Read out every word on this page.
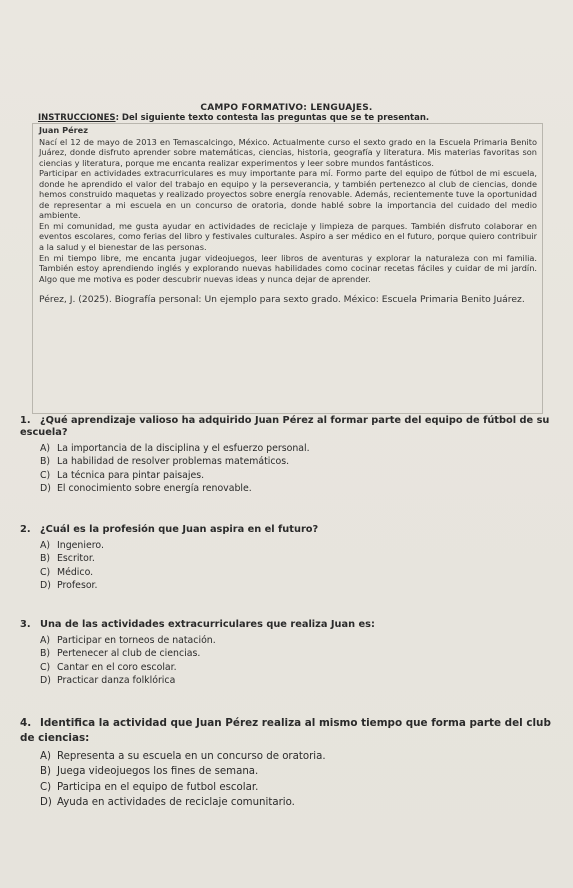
CAMPO FORMATIVO: LENGUAJES.
INSTRUCCIONES: Del siguiente texto contesta las preguntas que se te presentan.
Juan Pérez

Nací el 12 de mayo de 2013 en Temascalcingo, México. Actualmente curso el sexto grado en la Escuela Primaria Benito Juárez, donde disfruto aprender sobre matemáticas, ciencias, historia, geografía y literatura. Mis materias favoritas son ciencias y literatura, porque me encanta realizar experimentos y leer sobre mundos fantásticos.

Participar en actividades extracurriculares es muy importante para mí. Formo parte del equipo de fútbol de mi escuela, donde he aprendido el valor del trabajo en equipo y la perseverancia, y también pertenezco al club de ciencias, donde hemos construido maquetas y realizado proyectos sobre energía renovable. Además, recientemente tuve la oportunidad de representar a mi escuela en un concurso de oratoria, donde hablé sobre la importancia del cuidado del medio ambiente.

En mi comunidad, me gusta ayudar en actividades de reciclaje y limpieza de parques. También disfruto colaborar en eventos escolares, como ferias del libro y festivales culturales. Aspiro a ser médico en el futuro, porque quiero contribuir a la salud y el bienestar de las personas.

En mi tiempo libre, me encanta jugar videojuegos, leer libros de aventuras y explorar la naturaleza con mi familia. También estoy aprendiendo inglés y explorando nuevas habilidades como cocinar recetas fáciles y cuidar de mi jardín. Algo que me motiva es poder descubrir nuevas ideas y nunca dejar de aprender.

Pérez, J. (2025). Biografía personal: Un ejemplo para sexto grado. México: Escuela Primaria Benito Juárez.

1. ¿Qué aprendizaje valioso ha adquirido Juan Pérez al formar parte del equipo de fútbol de su escuela?
A) La importancia de la disciplina y el esfuerzo personal.
B) La habilidad de resolver problemas matemáticos.
C) La técnica para pintar paisajes.
D) El conocimiento sobre energía renovable.
2. ¿Cuál es la profesión que Juan aspira en el futuro?
A) Ingeniero.
B) Escritor.
C) Médico.
D) Profesor.
3. Una de las actividades extracurriculares que realiza Juan es:
A) Participar en torneos de natación.
B) Pertenecer al club de ciencias.
C) Cantar en el coro escolar.
D) Practicar danza folklórica
4. Identifica la actividad que Juan Pérez realiza al mismo tiempo que forma parte del club de ciencias:
A) Representa a su escuela en un concurso de oratoria.
B) Juega videojuegos los fines de semana.
C) Participa en el equipo de futbol escolar.
D) Ayuda en actividades de reciclaje comunitario.
